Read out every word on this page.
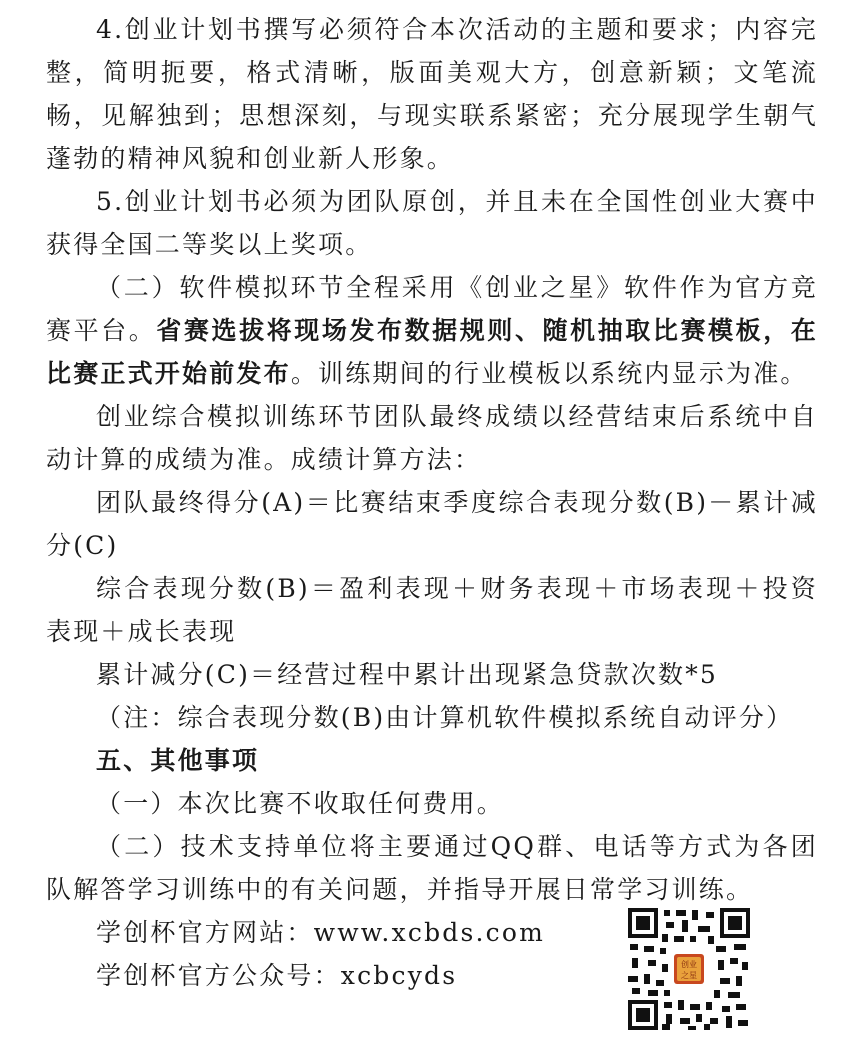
4.创业计划书撰写必须符合本次活动的主题和要求；内容完整，简明扼要，格式清晰，版面美观大方，创意新颖；文笔流畅，见解独到；思想深刻，与现实联系紧密；充分展现学生朝气蓬勃的精神风貌和创业新人形象。

5.创业计划书必须为团队原创，并且未在全国性创业大赛中获得全国二等奖以上奖项。

（二）软件模拟环节全程采用《创业之星》软件作为官方竞赛平台。省赛选拔将现场发布数据规则、随机抽取比赛模板，在比赛正式开始前发布。训练期间的行业模板以系统内显示为准。

创业综合模拟训练环节团队最终成绩以经营结束后系统中自动计算的成绩为准。成绩计算方法：

团队最终得分(A)＝比赛结束季度综合表现分数(B)－累计减分(C)

综合表现分数(B)＝盈利表现＋财务表现＋市场表现＋投资表现＋成长表现

累计减分(C)＝经营过程中累计出现紧急贷款次数*5

（注：综合表现分数(B)由计算机软件模拟系统自动评分）

五、其他事项

（一）本次比赛不收取任何费用。

（二）技术支持单位将主要通过QQ群、电话等方式为各团队解答学习训练中的有关问题，并指导开展日常学习训练。

学创杯官方网站：www.xcbds.com
学创杯官方公众号：xcbcyds	创业
之星
